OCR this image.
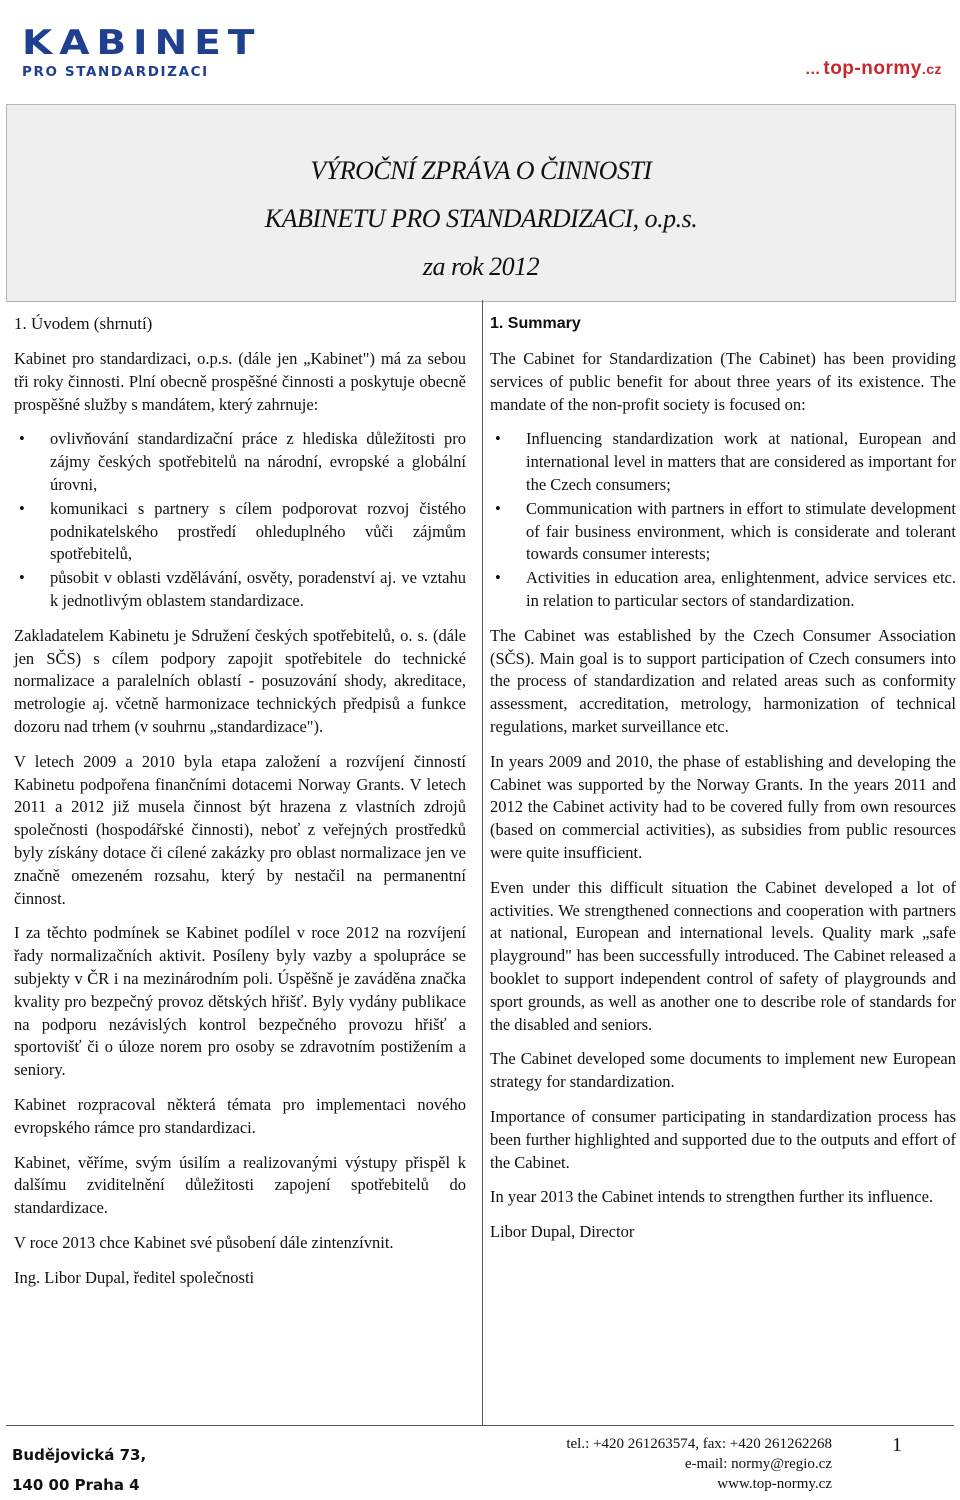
KABINET
PRO STANDARDIZACI	... top-normy.cz
VÝROČNÍ ZPRÁVA O ČINNOSTI
KABINETU PRO STANDARDIZACI, o.p.s.
za rok 2012
1. Úvodem (shrnutí)

Kabinet pro standardizaci, o.p.s. (dále jen „Kabinet") má za sebou tři roky činnosti. Plní obecně prospěšné činnosti a poskytuje obecně prospěšné služby s mandátem, který zahrnuje:

• ovlivňování standardizační práce z hlediska důležitosti pro zájmy českých spotřebitelů na národní, evropské a globální úrovni,
• komunikaci s partnery s cílem podporovat rozvoj čistého podnikatelského prostředí ohleduplného vůči zájmům spotřebitelů,
• působit v oblasti vzdělávání, osvěty, poradenství aj. ve vztahu k jednotlivým oblastem standardizace.

Zakladatelem Kabinetu je Sdružení českých spotřebitelů, o. s. (dále jen SČS) s cílem podpory zapojit spotřebitele do technické normalizace a paralelních oblastí - posuzování shody, akreditace, metrologie aj. včetně harmonizace technických předpisů a funkce dozoru nad trhem (v souhrnu „standardizace").

V letech 2009 a 2010 byla etapa založení a rozvíjení činností Kabinetu podpořena finančními dotacemi Norway Grants. V letech 2011 a 2012 již musela činnost být hrazena z vlastních zdrojů společnosti (hospodářské činnosti), neboť z veřejných prostředků byly získány dotace či cílené zakázky pro oblast normalizace jen ve značně omezeném rozsahu, který by nestačil na permanentní činnost.

I za těchto podmínek se Kabinet podílel v roce 2012 na rozvíjení řady normalizačních aktivit. Posíleny byly vazby a spolupráce se subjekty v ČR i na mezinárodním poli. Úspěšně je zaváděna značka kvality pro bezpečný provoz dětských hřišť. Byly vydány publikace na podporu nezávislých kontrol bezpečného provozu hřišť a sportovišť či o úloze norem pro osoby se zdravotním postižením a seniory.

Kabinet rozpracoval některá témata pro implementaci nového evropského rámce pro standardizaci.

Kabinet, věříme, svým úsilím a realizovanými výstupy přispěl k dalšímu zviditelnění důležitosti zapojení spotřebitelů do standardizace.

V roce 2013 chce Kabinet své působení dále zintenzívnit.

Ing. Libor Dupal, ředitel společnosti

1. Summary

The Cabinet for Standardization (The Cabinet) has been providing services of public benefit for about three years of its existence. The mandate of the non-profit society is focused on:

• Influencing standardization work at national, European and international level in matters that are considered as important for the Czech consumers;
• Communication with partners in effort to stimulate development of fair business environment, which is considerate and tolerant towards consumer interests;
• Activities in education area, enlightenment, advice services etc. in relation to particular sectors of standardization.

The Cabinet was established by the Czech Consumer Association (SČS). Main goal is to support participation of Czech consumers into the process of standardization and related areas such as conformity assessment, accreditation, metrology, harmonization of technical regulations, market surveillance etc.

In years 2009 and 2010, the phase of establishing and developing the Cabinet was supported by the Norway Grants. In the years 2011 and 2012 the Cabinet activity had to be covered fully from own resources (based on commercial activities), as subsidies from public resources were quite insufficient.

Even under this difficult situation the Cabinet developed a lot of activities. We strengthened connections and cooperation with partners at national, European and international levels. Quality mark „safe playground" has been successfully introduced. The Cabinet released a booklet to support independent control of safety of playgrounds and sport grounds, as well as another one to describe role of standards for the disabled and seniors.

The Cabinet developed some documents to implement new European strategy for standardization.

Importance of consumer participating in standardization process has been further highlighted and supported due to the outputs and effort of the Cabinet.

In year 2013 the Cabinet intends to strengthen further its influence.

Libor Dupal, Director

Budějovická 73,
140 00 Praha 4
tel.: +420 261263574, fax: +420 261262268
e-mail: normy@regio.cz
www.top-normy.cz
1
